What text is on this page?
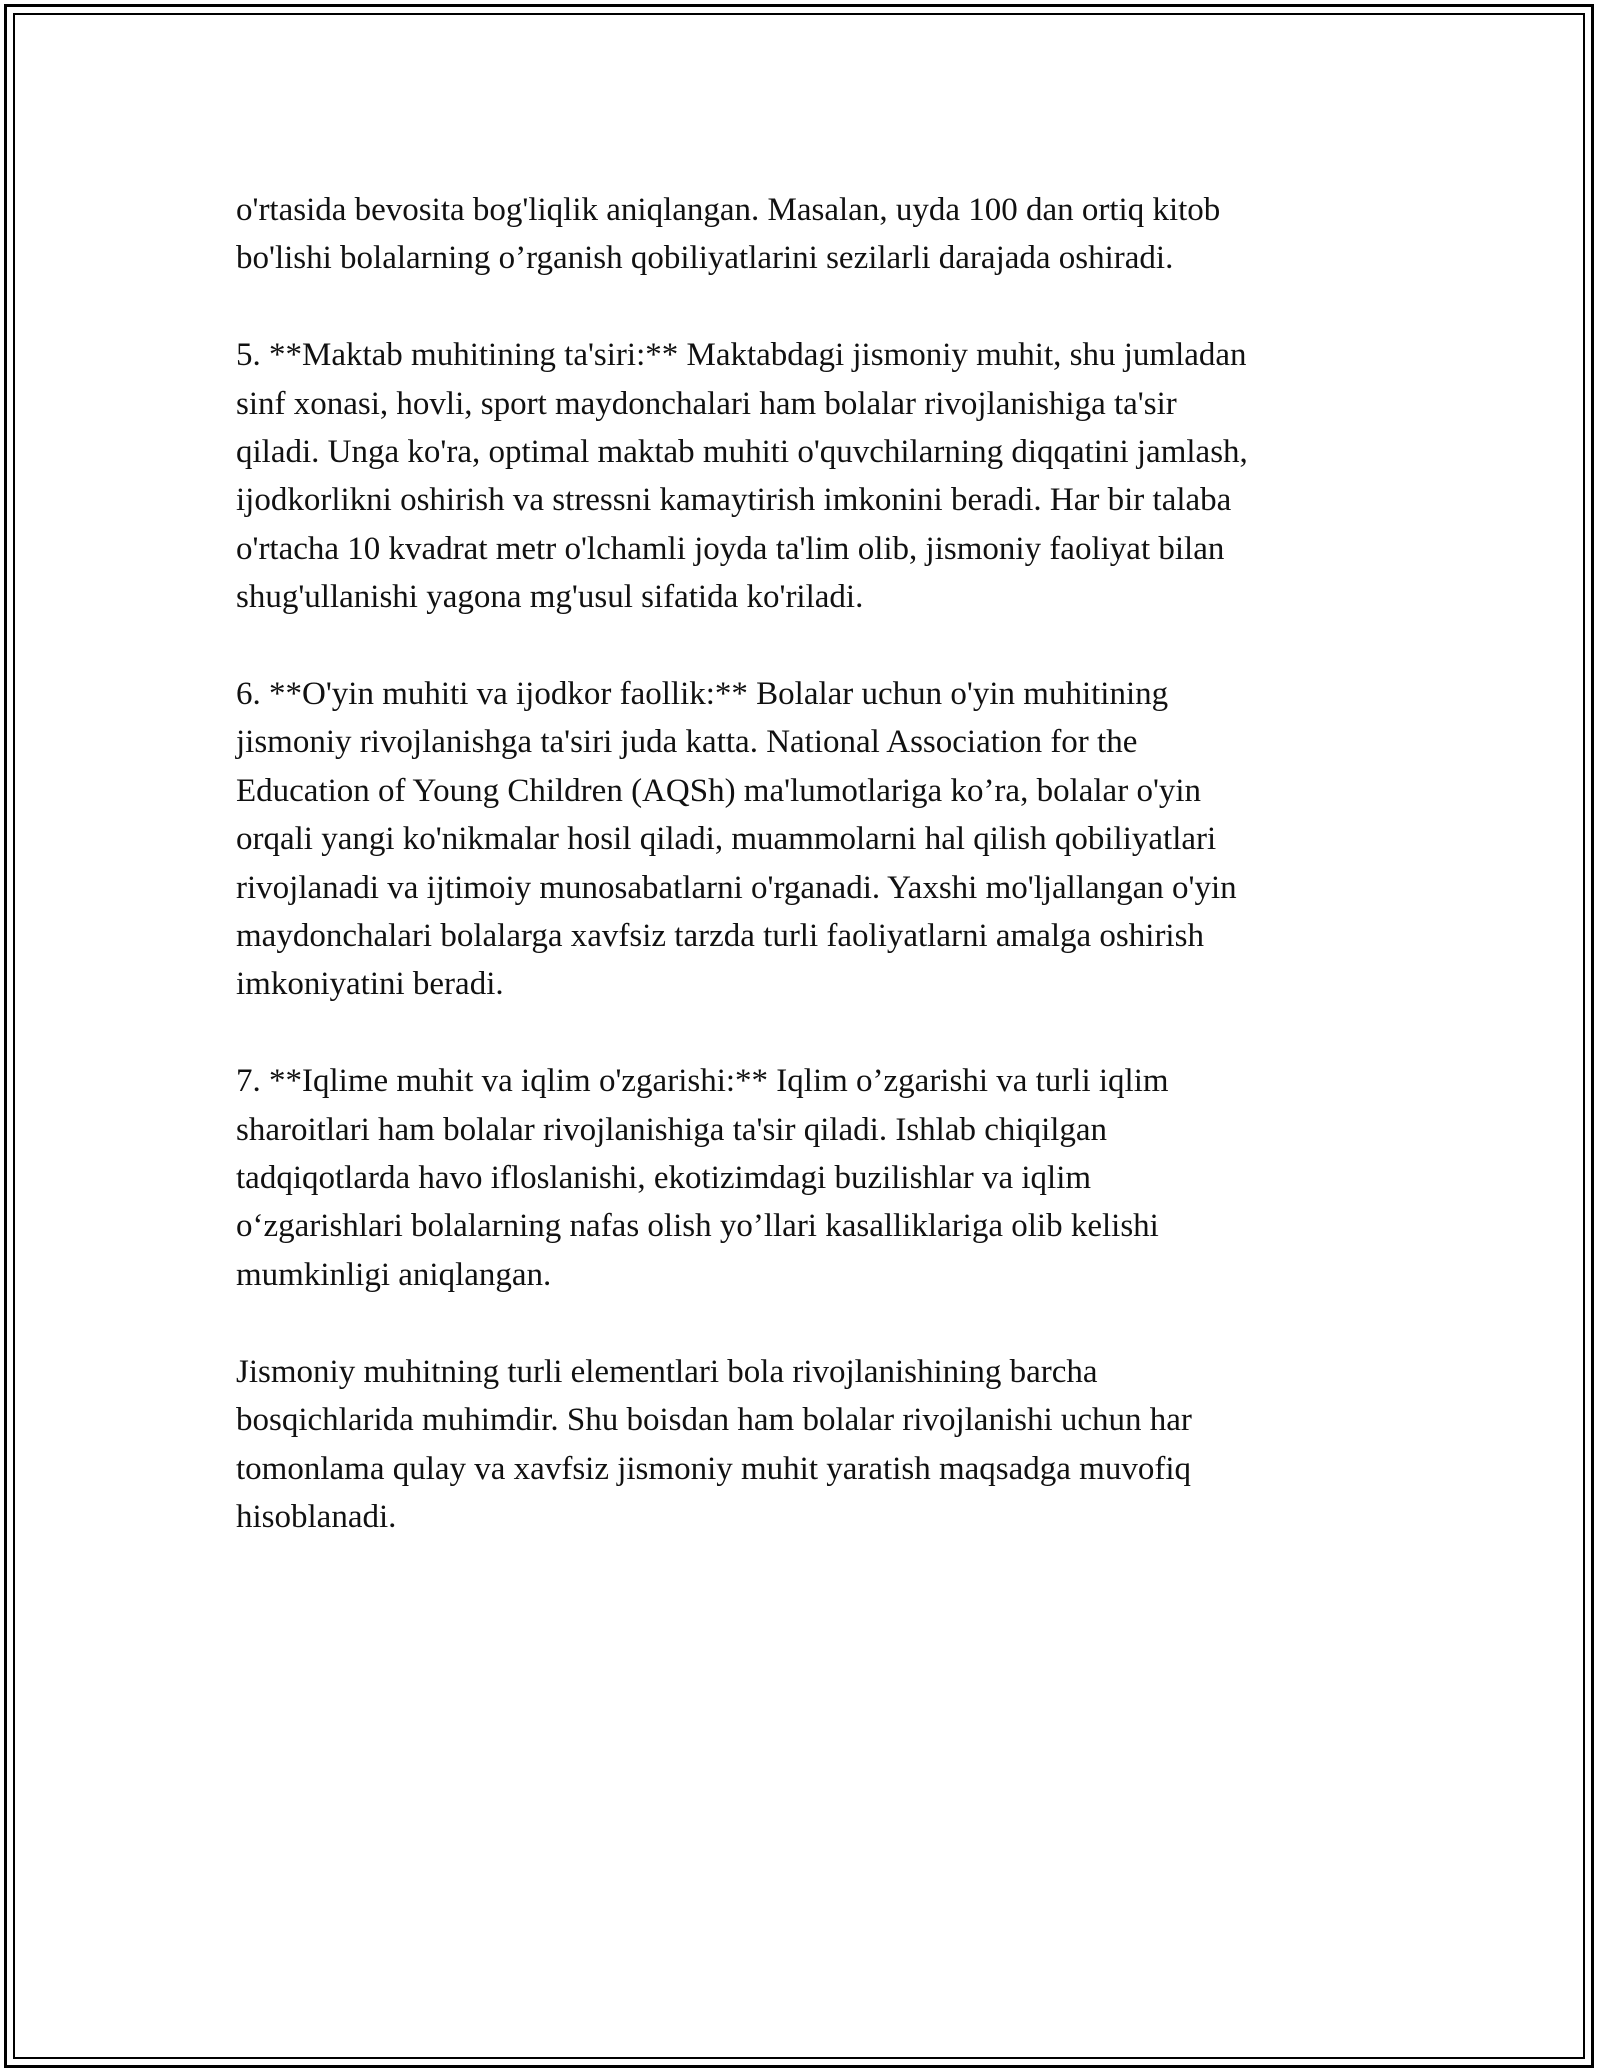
o'rtasida bevosita bog'liqlik aniqlangan. Masalan, uyda 100 dan ortiq kitob
bo'lishi bolalarning o’rganish qobiliyatlarini sezilarli darajada oshiradi.

5. **Maktab muhitining ta'siri:** Maktabdagi jismoniy muhit, shu jumladan
sinf xonasi, hovli, sport maydonchalari ham bolalar rivojlanishiga ta'sir
qiladi. Unga ko'ra, optimal maktab muhiti o'quvchilarning diqqatini jamlash,
ijodkorlikni oshirish va stressni kamaytirish imkonini beradi. Har bir talaba
o'rtacha 10 kvadrat metr o'lchamli joyda ta'lim olib, jismoniy faoliyat bilan
shug'ullanishi yagona mg'usul sifatida ko'riladi.

6. **O'yin muhiti va ijodkor faollik:** Bolalar uchun o'yin muhitining
jismoniy rivojlanishga ta'siri juda katta. National Association for the
Education of Young Children (AQSh) ma'lumotlariga ko’ra, bolalar o'yin
orqali yangi ko'nikmalar hosil qiladi, muammolarni hal qilish qobiliyatlari
rivojlanadi va ijtimoiy munosabatlarni o'rganadi. Yaxshi mo'ljallangan o'yin
maydonchalari bolalarga xavfsiz tarzda turli faoliyatlarni amalga oshirish
imkoniyatini beradi.

7. **Iqlime muhit va iqlim o'zgarishi:** Iqlim o’zgarishi va turli iqlim
sharoitlari ham bolalar rivojlanishiga ta'sir qiladi. Ishlab chiqilgan
tadqiqotlarda havo ifloslanishi, ekotizimdagi buzilishlar va iqlim
o‘zgarishlari bolalarning nafas olish yo’llari kasalliklariga olib kelishi
mumkinligi aniqlangan.

Jismoniy muhitning turli elementlari bola rivojlanishining barcha
bosqichlarida muhimdir. Shu boisdan ham bolalar rivojlanishi uchun har
tomonlama qulay va xavfsiz jismoniy muhit yaratish maqsadga muvofiq
hisoblanadi.
